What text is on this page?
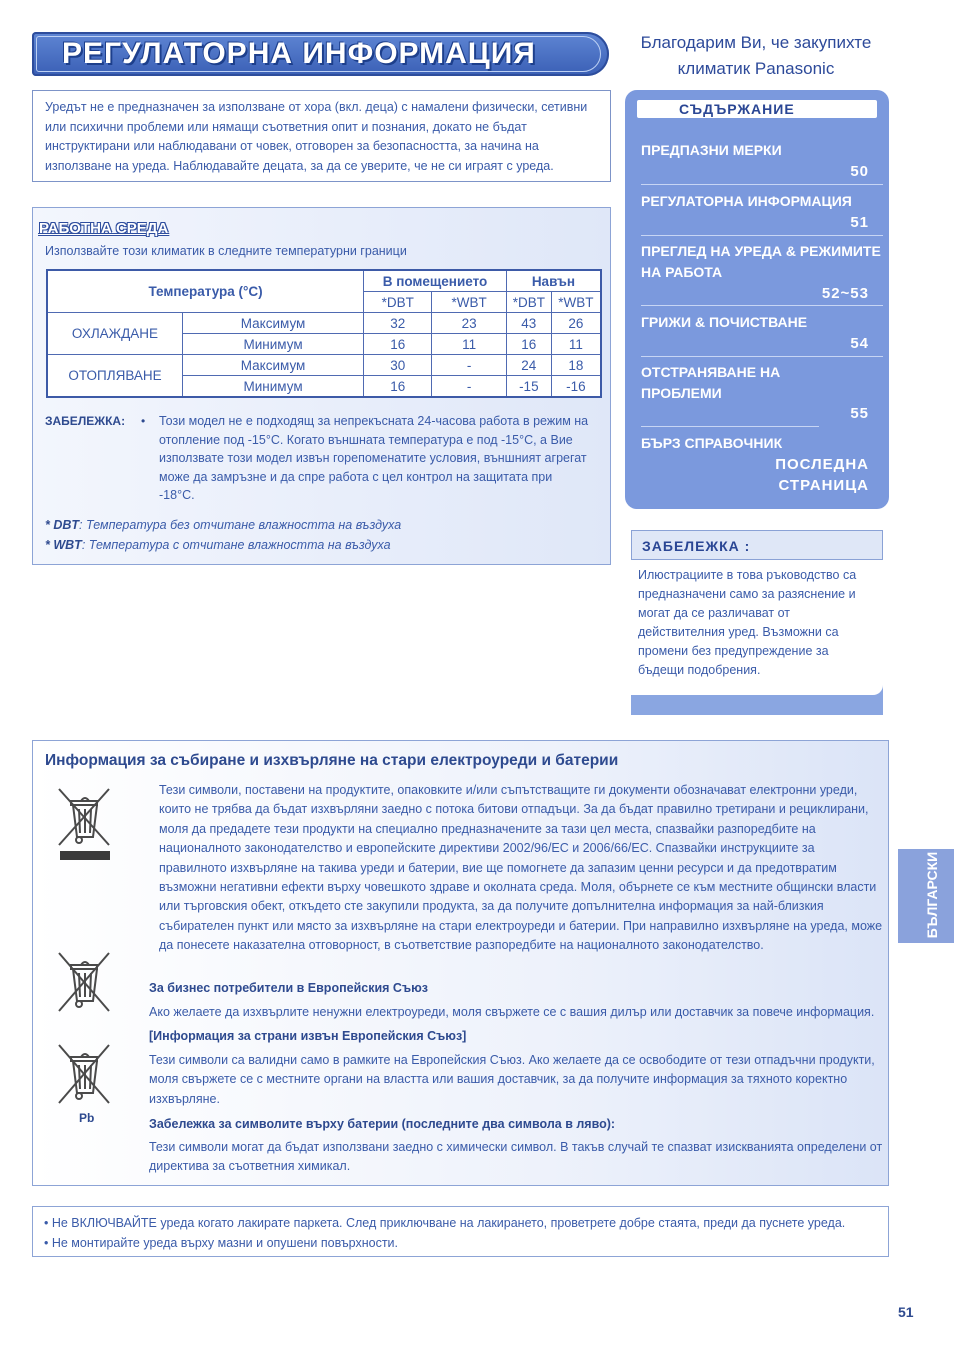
РЕГУЛАТОРНА ИНФОРМАЦИЯ	Благодарим Ви, че закупихте
климатик Panasonic
Уредът не е предназначен за използване от хора (вкл. деца) с намалени физически, сетивни или психични проблеми или нямащи съответния опит и познания, докато не бъдат инструктирани или наблюдавани от човек, отговорен за безопасността, за начина на използване на уреда. Наблюдавайте децата, за да се уверите, че не си играят с уреда.
РАБОТНА СРЕДА
Използвайте този климатик в следните температурни граници
Температура (°C)		В помещението		Навън	
		*DBT	*WBT	*DBT	*WBT
ОХЛАЖДАНЕ	Максимум	32	23	43	26
	Минимум	16	11	16	11
ОТОПЛЯВАНЕ	Максимум	30	-	24	18
	Минимум	16	-	-15	-16
ЗАБЕЛЕЖКА: • Този модел не е подходящ за непрекъсната 24-часова работа в режим на отопление под -15°C. Когато външната температура е под -15°C, а Вие използвате този модел извън горепоменатите условия, външният агрегат може да замръзне и да спре работа с цел контрол на защитата при -18°C.
* DBT: Температура без отчитане влажността на въздуха
* WBT: Температура с отчитане влажността на въздуха
СЪДЪРЖАНИЕ
ПРЕДПАЗНИ МЕРКИ
50
РЕГУЛАТОРНА ИНФОРМАЦИЯ
51
ПРЕГЛЕД НА УРЕДА & РЕЖИМИТЕ НА РАБОТА
52~53
ГРИЖИ & ПОЧИСТВАНЕ
54
ОТСТРАНЯВАНЕ НА ПРОБЛЕМИ
55
БЪРЗ СПРАВОЧНИК
ПОСЛЕДНА СТРАНИЦА
ЗАБЕЛЕЖКА :
Илюстрациите в това ръководство са предназначени само за разяснение и могат да се различават от действителния уред. Възможни са промени без предупреждение за бъдещи подобрения.
Информация за събиране и изхвърляне на стари електроуреди и батерии
Pb
Тези символи, поставени на продуктите, опаковките и/или съпътстващите ги документи обозначават електронни уреди, които не трябва да бъдат изхвърляни заедно с потока битови отпадъци. За да бъдат правилно третирани и рециклирани, моля да предадете тези продукти на специално предназначените за тази цел места, спазвайки разпоредбите на националното законодателство и европейските директиви 2002/96/EC и 2006/66/EC. Спазвайки инструкциите за правилното изхвърляне на такива уреди и батерии, вие ще помогнете да запазим ценни ресурси и да предотвратим възможни негативни ефекти върху човешкото здраве и околната среда. Моля, обърнете се към местните общински власти или търговския обект, откъдето сте закупили продукта, за да получите допълнителна информация за най-близкия събирателен пункт или място за изхвърляне на стари електроуреди и батерии. При направилно изхвърляне на уреда, може да понесете наказателна отговорност, в съответствие разпоредбите на националното законодателство.
За бизнес потребители в Европейския Съюз
Ако желаете да изхвърлите ненужни електроуреди, моля свържете се с вашия дилър или доставчик за повече информация.
[Информация за страни извън Европейския Съюз]
Тези символи са валидни само в рамките на Европейския Съюз. Ако желаете да се освободите от тези отпадъчни продукти, моля свържете се с местните органи на властта или вашия доставчик, за да получите информация за тяхното коректно изхвърляне.
Забележка за символите върху батерии (последните два символа в ляво):
Тези символи могат да бъдат използвани заедно с химически символ. В такъв случай те спазват изискванията определени от директива за съответния химикал.
• Не ВКЛЮЧВАЙТЕ уреда когато лакирате паркета. След приключване на лакирането, проветрете добре стаята, преди да пуснете уреда.
• Не монтирайте уреда върху мазни и опушени повърхности.
БЪЛГАРСКИ
51
